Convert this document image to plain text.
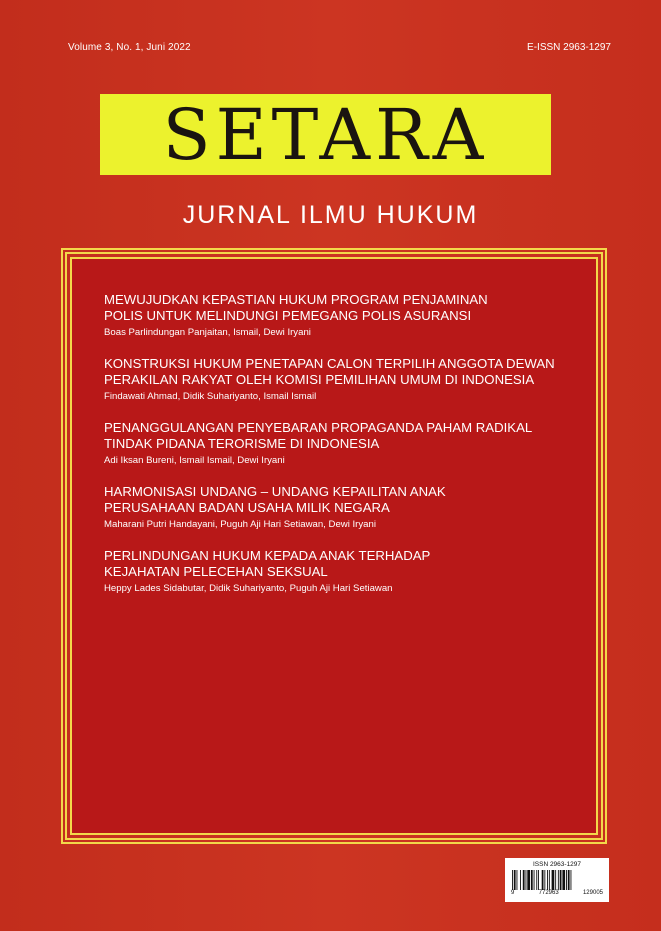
Volume 3, No. 1, Juni 2022	E-ISSN 2963-1297
SETARA
JURNAL ILMU HUKUM
MEWUJUDKAN KEPASTIAN HUKUM PROGRAM PENJAMINAN
POLIS UNTUK MELINDUNGI PEMEGANG POLIS ASURANSI
Boas Parlindungan Panjaitan, Ismail, Dewi Iryani
KONSTRUKSI HUKUM PENETAPAN CALON TERPILIH ANGGOTA DEWAN
PERAKILAN RAKYAT OLEH KOMISI PEMILIHAN UMUM DI INDONESIA
Findawati Ahmad, Didik Suhariyanto, Ismail Ismail
PENANGGULANGAN PENYEBARAN PROPAGANDA PAHAM RADIKAL
TINDAK PIDANA TERORISME DI INDONESIA
Adi Iksan Bureni, Ismail Ismail, Dewi Iryani
HARMONISASI UNDANG – UNDANG KEPAILITAN ANAK
PERUSAHAAN BADAN USAHA MILIK NEGARA
Maharani Putri Handayani, Puguh Aji Hari Setiawan, Dewi Iryani
PERLINDUNGAN HUKUM KEPADA ANAK TERHADAP
KEJAHATAN PELECEHAN SEKSUAL
Heppy Lades Sidabutar, Didik Suhariyanto, Puguh Aji Hari Setiawan
ISSN 2963-1297
9	772963	129005
